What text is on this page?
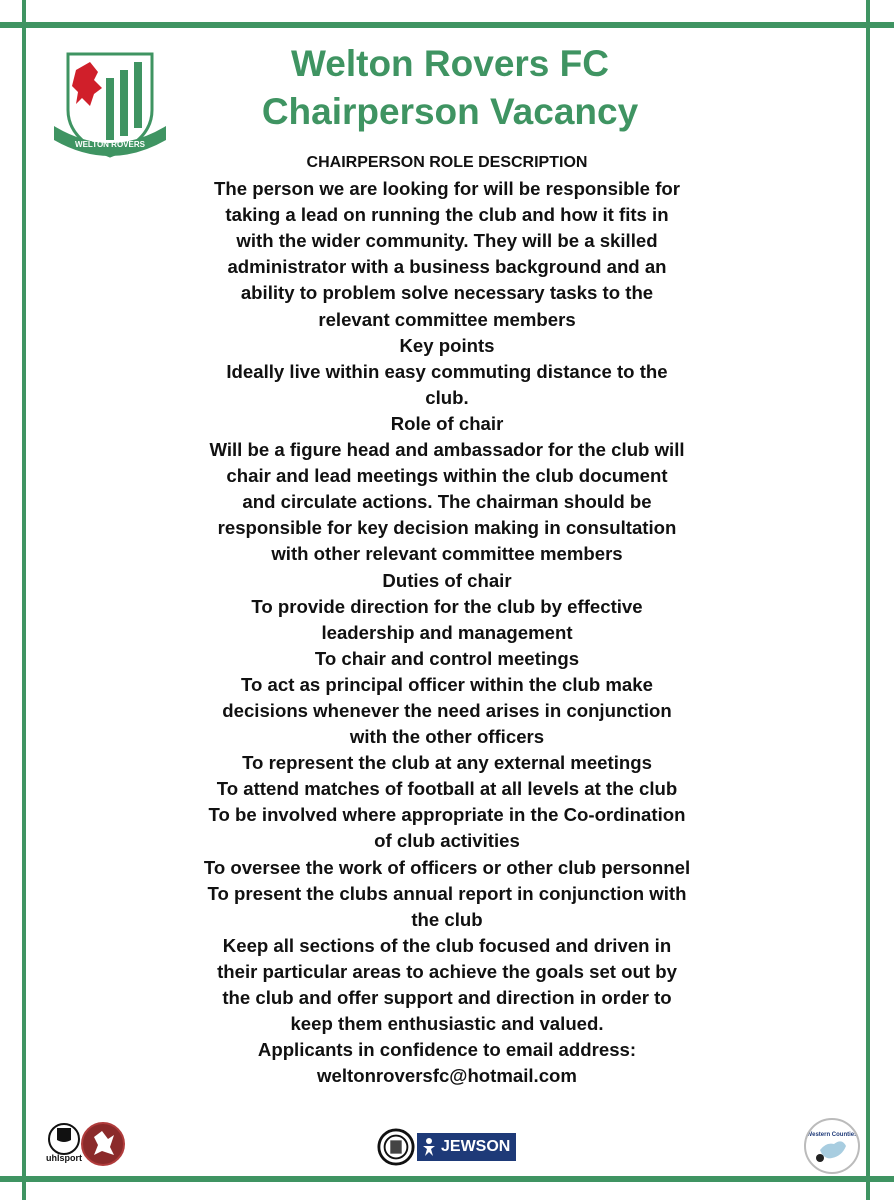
WELTON ROVERS
Welton Rovers FC
Chairperson Vacancy
CHAIRPERSON ROLE DESCRIPTION
The person we are looking for will be responsible for
taking a lead on running the club and how it fits in
with the wider community. They will be a skilled
administrator with a business background and an
ability to problem solve necessary tasks to the
relevant committee members
Key points
Ideally live within easy commuting distance to the
club.
Role of chair
Will be a figure head and ambassador for the club will
chair and lead meetings within the club document
and circulate actions. The chairman should be
responsible for key decision making in consultation
with other relevant committee members
Duties of chair
To provide direction for the club by effective
leadership and management
To chair and control meetings
To act as principal officer within the club make
decisions whenever the need arises in conjunction
with the other officers
To represent the club at any external meetings
To attend matches of football at all levels at the club
To be involved where appropriate in the Co-ordination
of club activities
To oversee the work of officers or other club personnel
To present the clubs annual report in conjunction with
the club
Keep all sections of the club focused and driven in
their particular areas to achieve the goals set out by
the club and offer support and direction in order to
keep them enthusiastic and valued.
Applicants in confidence to email address:
weltonroversfc@hotmail.com
uhlsport
JEWSON
Western Counties
